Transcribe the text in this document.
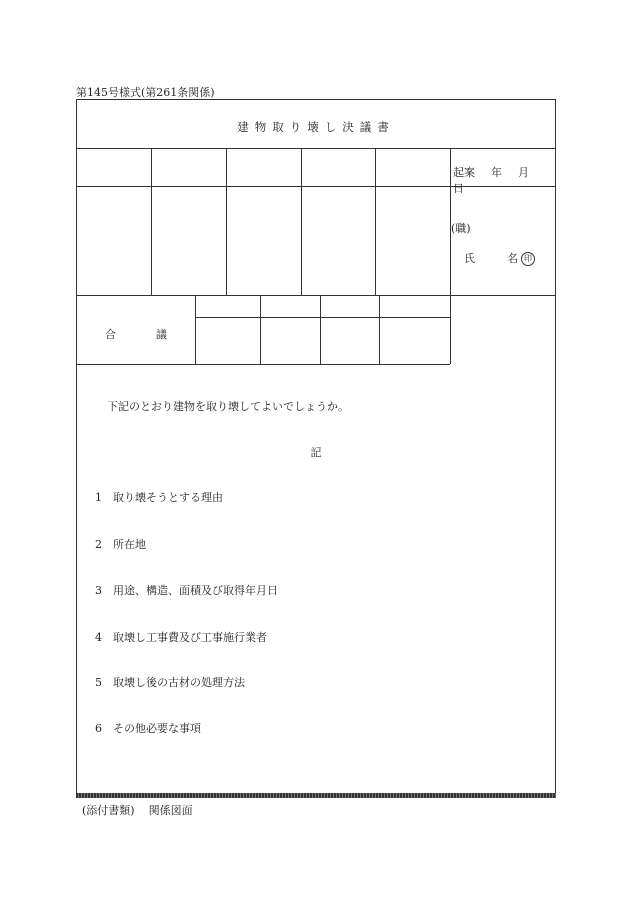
第145号様式(第261条関係)
建物取り壊し決議書
起案 年 月日
(職)
氏	名 印
合	議
下記のとおり建物を取り壊してよいでしょうか。
記
1 取り壊そうとする理由
2 所在地
3 用途、構造、面積及び取得年月日
4 取壊し工事費及び工事施行業者
5 取壊し後の古材の処理方法
6 その他必要な事項
(添付書類) 関係図面
